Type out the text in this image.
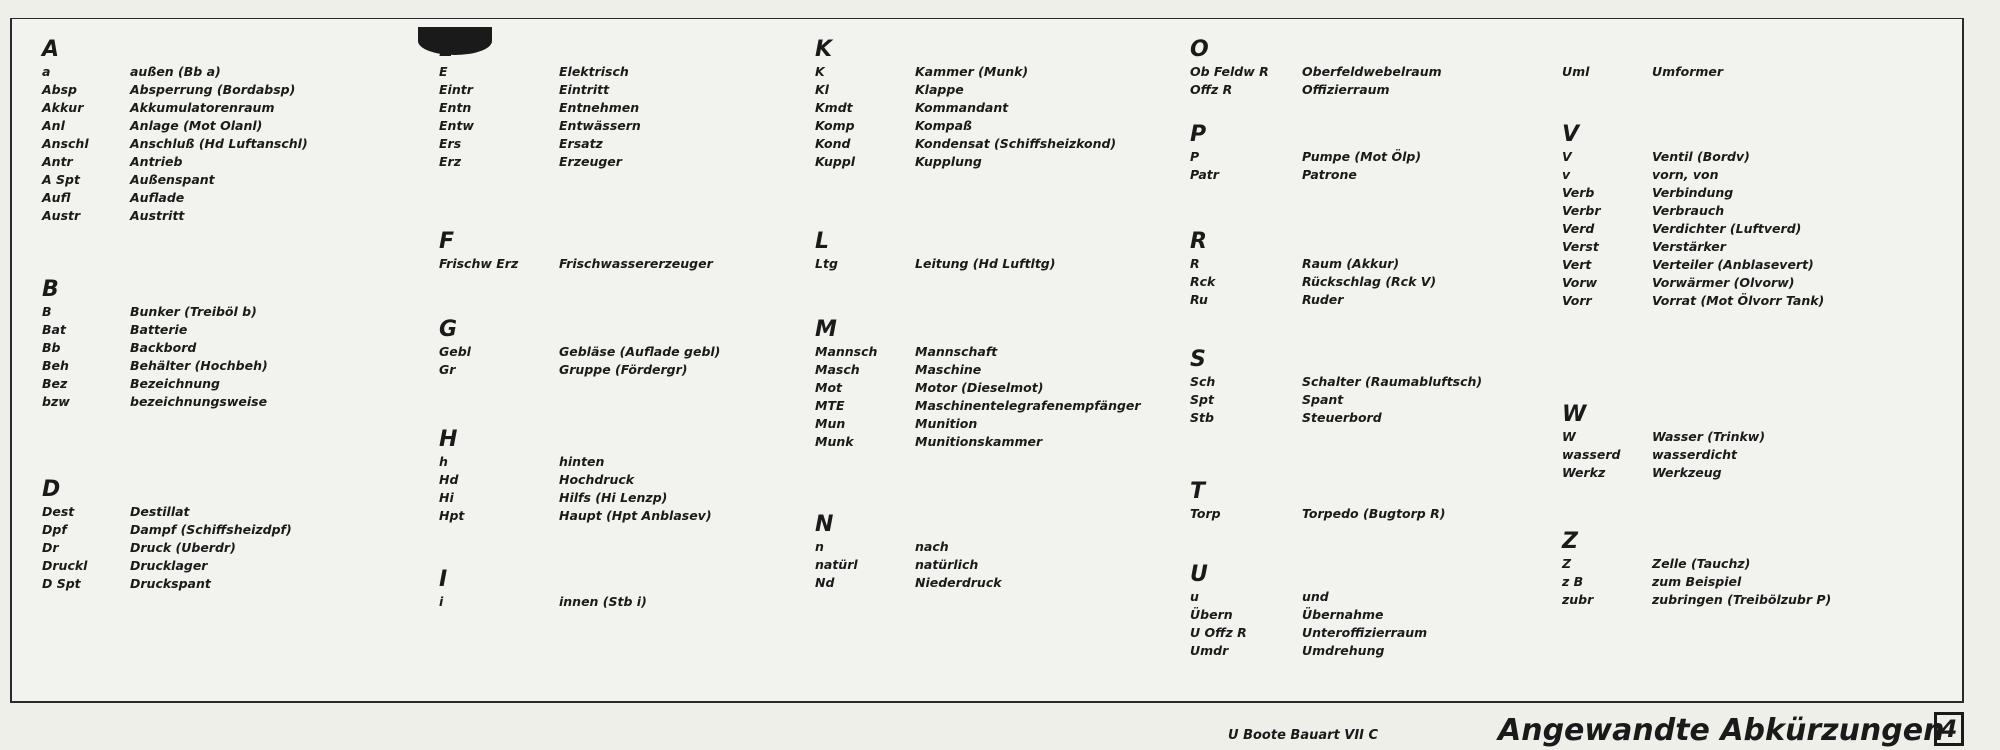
A
a	außen (Bb a)
Absp	Absperrung (Bordabsp)
Akkur	Akkumulatorenraum
Anl	Anlage (Mot Olanl)
Anschl	Anschluß (Hd Luftanschl)
Antr	Antrieb
A Spt	Außenspant
Aufl	Auflade
Austr	Austritt
B
B	Bunker (Treiböl b)
Bat	Batterie
Bb	Backbord
Beh	Behälter (Hochbeh)
Bez	Bezeichnung
bzw	bezeichnungsweise
D
Dest	Destillat
Dpf	Dampf (Schiffsheizdpf)
Dr	Druck (Uberdr)
Druckl	Drucklager
D Spt	Druckspant
E
E	Elektrisch
Eintr	Eintritt
Entn	Entnehmen
Entw	Entwässern
Ers	Ersatz
Erz	Erzeuger
F
Frischw Erz	Frischwassererzeuger
G
Gebl	Gebläse (Auflade gebl)
Gr	Gruppe (Fördergr)
H
h	hinten
Hd	Hochdruck
Hi	Hilfs (Hi Lenzp)
Hpt	Haupt (Hpt Anblasev)
I
i	innen (Stb i)
K
K	Kammer (Munk)
Kl	Klappe
Kmdt	Kommandant
Komp	Kompaß
Kond	Kondensat (Schiffsheizkond)
Kuppl	Kupplung
L
Ltg	Leitung (Hd Luftltg)
M
Mannsch	Mannschaft
Masch	Maschine
Mot	Motor (Dieselmot)
MTE	Maschinentelegrafenempfänger
Mun	Munition
Munk	Munitionskammer
N
n	nach
natürl	natürlich
Nd	Niederdruck
O
Ob Feldw R	Oberfeldwebelraum
Offz R	Offizierraum
P
P	Pumpe (Mot Ölp)
Patr	Patrone
R
R	Raum (Akkur)
Rck	Rückschlag (Rck V)
Ru	Ruder
S
Sch	Schalter (Raumabluftsch)
Spt	Spant
Stb	Steuerbord
T
Torp	Torpedo (Bugtorp R)
U
u	und
Übern	Übernahme
U Offz R	Unteroffizierraum
Umdr	Umdrehung
Uml	Umformer
V
V	Ventil (Bordv)
v	vorn, von
Verb	Verbindung
Verbr	Verbrauch
Verd	Verdichter (Luftverd)
Verst	Verstärker
Vert	Verteiler (Anblasevert)
Vorw	Vorwärmer (Olvorw)
Vorr	Vorrat (Mot Ölvorr Tank)
W
W	Wasser (Trinkw)
wasserd	wasserdicht
Werkz	Werkzeug
Z
Z	Zelle (Tauchz)
z B	zum Beispiel
zubr	zubringen (Treibölzubr P)
U Boote Bauart VII C	Angewandte Abkürzungen
4
